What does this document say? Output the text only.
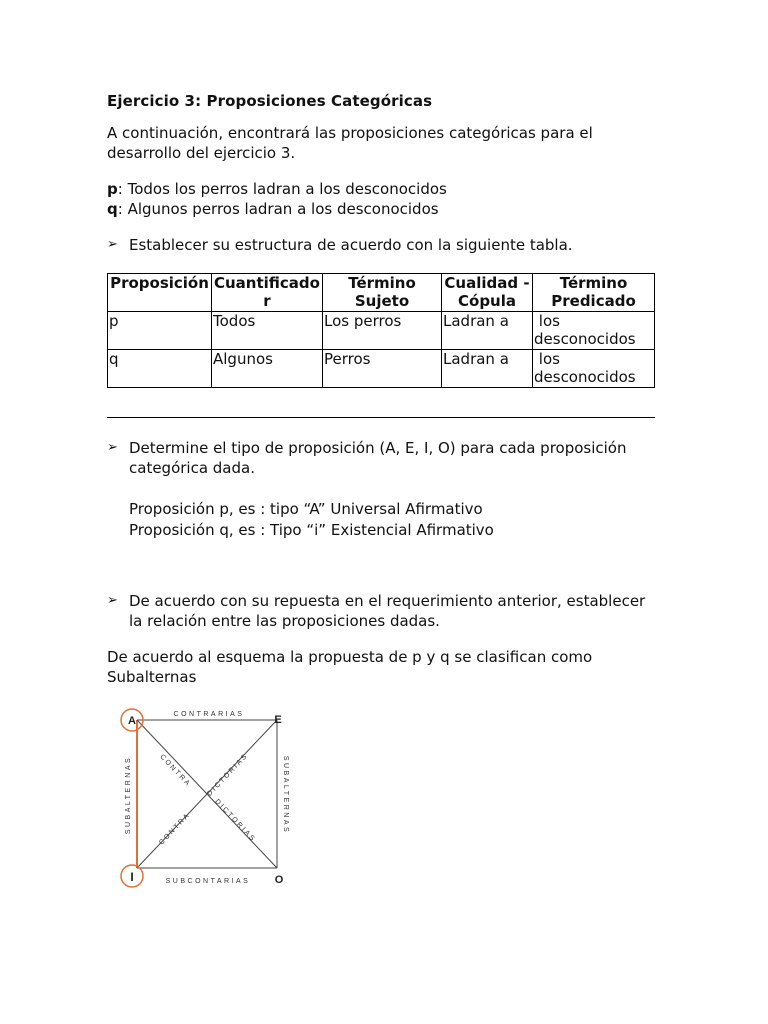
Ejercicio 3: Proposiciones Categóricas
A continuación, encontrará las proposiciones categóricas para el desarrollo del ejercicio 3.
p: Todos los perros ladran a los desconocidos
q: Algunos perros ladran a los desconocidos
➢ Establecer su estructura de acuerdo con la siguiente tabla.
Proposición	Cuantificado r	Término Sujeto	Cualidad - Cópula	Término Predicado
p	Todos	Los perros	Ladran a	los desconocidos
q	Algunos	Perros	Ladran a	los desconocidos
➢ Determine el tipo de proposición (A, E, I, O) para cada proposición categórica dada.
Proposición p, es : tipo “A” Universal Afirmativo
Proposición q, es : Tipo “i” Existencial Afirmativo
➢ De acuerdo con su repuesta en el requerimiento anterior, establecer la relación entre las proposiciones dadas.
De acuerdo al esquema la propuesta de p y q se clasifican como Subalternas
A	E
I	O
CONTRARIAS
SUBCONTARIAS
SUBALTERNAS	SUBALTERNAS
CONTRA
DICTORIAS
CONTRA
DICTORIAS
